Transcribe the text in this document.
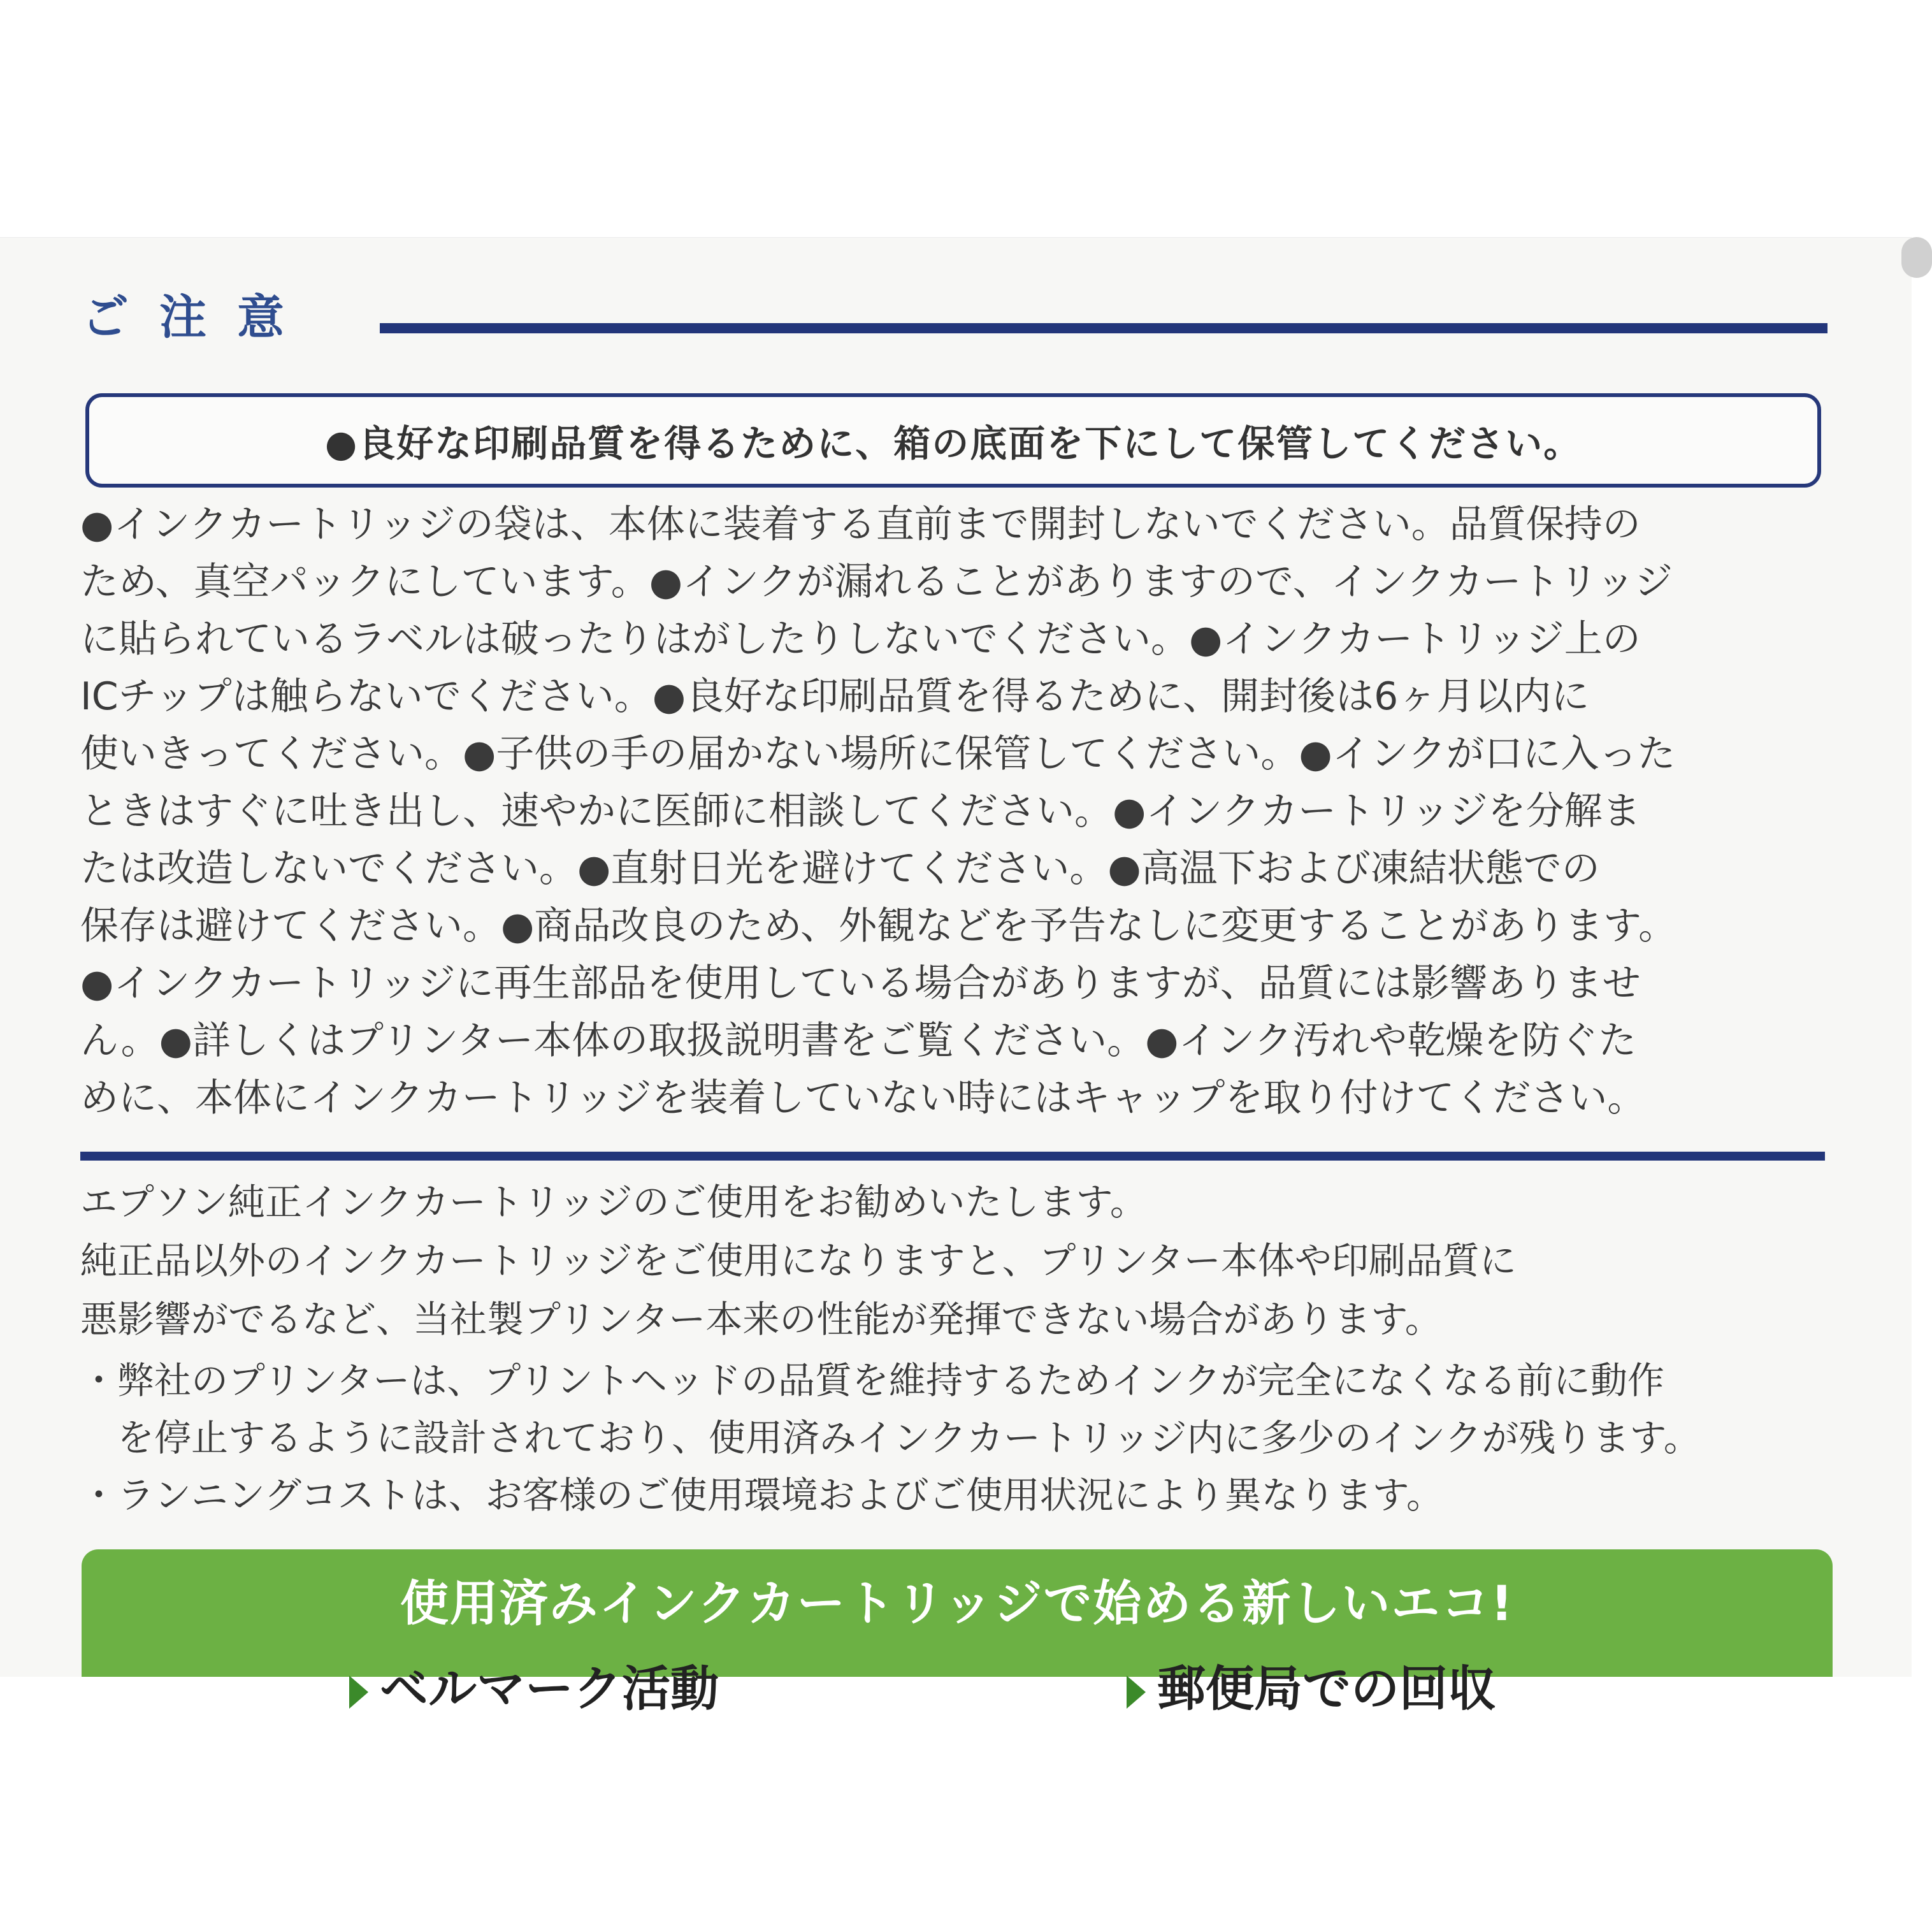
ご注意
●良好な印刷品質を得るために、箱の底面を下にして保管してください。
●インクカートリッジの袋は、本体に装着する直前まで開封しないでください。品質保持の
ため、真空パックにしています。●インクが漏れることがありますので、インクカートリッジ
に貼られているラベルは破ったりはがしたりしないでください。●インクカートリッジ上の
ICチップは触らないでください。●良好な印刷品質を得るために、開封後は6ヶ月以内に
使いきってください。●子供の手の届かない場所に保管してください。●インクが口に入った
ときはすぐに吐き出し、速やかに医師に相談してください。●インクカートリッジを分解ま
たは改造しないでください。●直射日光を避けてください。●高温下および凍結状態での
保存は避けてください。●商品改良のため、外観などを予告なしに変更することがあります。
●インクカートリッジに再生部品を使用している場合がありますが、品質には影響ありませ
ん。●詳しくはプリンター本体の取扱説明書をご覧ください。●インク汚れや乾燥を防ぐた
めに、本体にインクカートリッジを装着していない時にはキャップを取り付けてください。
エプソン純正インクカートリッジのご使用をお勧めいたします。
純正品以外のインクカートリッジをご使用になりますと、プリンター本体や印刷品質に
悪影響がでるなど、当社製プリンター本来の性能が発揮できない場合があります。
・弊社のプリンターは、プリントヘッドの品質を維持するためインクが完全になくなる前に動作
　を停止するように設計されており、使用済みインクカートリッジ内に多少のインクが残ります。
・ランニングコストは、お客様のご使用環境およびご使用状況により異なります。
使用済みインクカートリッジで始める新しいエコ!
ベルマーク活動	郵便局での回収
